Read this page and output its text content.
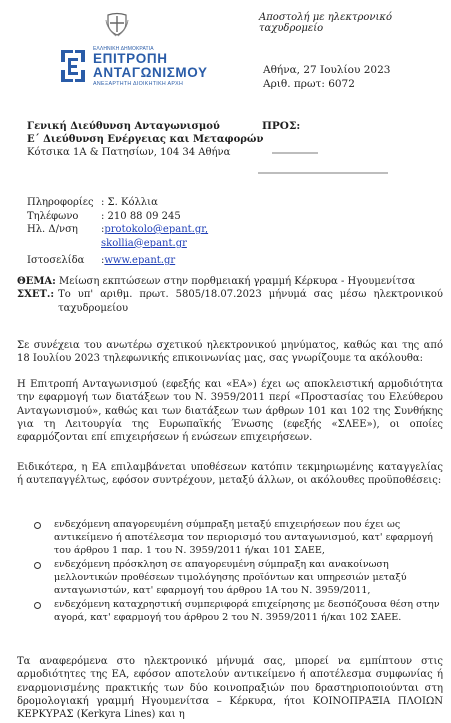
Αποστολή με ηλεκτρονικό ταχυδρομείο
ΕΛΛΗΝΙΚΗ ΔΗΜΟΚΡΑΤΙΑ
ΕΠΙΤΡΟΠΗ
ΑΝΤΑΓΩΝΙΣΜΟΥ
ΑΝΕΞΑΡΤΗΤΗ ΔΙΟΙΚΗΤΙΚΗ ΑΡΧΗ
Αθήνα, 27 Ιουλίου 2023
Αριθ. πρωτ: 6072
Γενική Διεύθυνση Ανταγωνισμού
Ε΄ Διεύθυνση Ενέργειας και Μεταφορών
Κότσικα 1Α & Πατησίων, 104 34 Αθήνα
ΠΡΟΣ:
Πληροφορίες : Σ. Κόλλια
Τηλέφωνο	: 210 88 09 245
Ηλ. Δ/νση	: protokolo@epant.gr,
skollia@epant.gr
Ιστοσελίδα	: www.epant.gr

ΘΕΜΑ: Μείωση εκπτώσεων στην πορθμειακή γραμμή Κέρκυρα - Ηγουμενίτσα

ΣΧΕΤ.: Το υπ' αριθμ. πρωτ. 5805/18.07.2023 μήνυμά σας μέσω ηλεκτρονικού ταχυδρομείου

Σε συνέχεια του ανωτέρω σχετικού ηλεκτρονικού μηνύματος, καθώς και της από 18 Ιουλίου 2023 τηλεφωνικής επικοινωνίας μας, σας γνωρίζουμε τα ακόλουθα:

Η Επιτροπή Ανταγωνισμού (εφεξής και «ΕΑ») έχει ως αποκλειστική αρμοδιότητα την εφαρμογή των διατάξεων του Ν. 3959/2011 περί «Προστασίας του Ελεύθερου Ανταγωνισμού», καθώς και των διατάξεων των άρθρων 101 και 102 της Συνθήκης για τη Λειτουργία της Ευρωπαϊκής Ένωσης (εφεξής «ΣΛΕΕ»), οι οποίες εφαρμόζονται επί επιχειρήσεων ή ενώσεων επιχειρήσεων.

Ειδικότερα, η ΕΑ επιλαμβάνεται υποθέσεων κατόπιν τεκμηριωμένης καταγγελίας ή αυτεπαγγέλτως, εφόσον συντρέχουν, μεταξύ άλλων, οι ακόλουθες προϋποθέσεις:

ενδεχόμενη απαγορευμένη σύμπραξη μεταξύ επιχειρήσεων που έχει ως αντικείμενο ή αποτέλεσμα τον περιορισμό του ανταγωνισμού, κατ' εφαρμογή του άρθρου 1 παρ. 1 του Ν. 3959/2011 ή/και 101 ΣΑΕΕ,
ενδεχόμενη πρόσκληση σε απαγορευμένη σύμπραξη και ανακοίνωση μελλοντικών προθέσεων τιμολόγησης προϊόντων και υπηρεσιών μεταξύ ανταγωνιστών, κατ' εφαρμογή του άρθρου 1Α του Ν. 3959/2011,
ενδεχόμενη καταχρηστική συμπεριφορά επιχείρησης με δεσπόζουσα θέση στην αγορά, κατ' εφαρμογή του άρθρου 2 του Ν. 3959/2011 ή/και 102 ΣΑΕΕ.

Τα αναφερόμενα στο ηλεκτρονικό μήνυμά σας, μπορεί να εμπίπτουν στις αρμοδιότητες της ΕΑ, εφόσον αποτελούν αντικείμενο ή αποτέλεσμα συμφωνίας ή εναρμονισμένης πρακτικής των δύο κοινοπραξιών που δραστηριοποιούνται στη δρομολογιακή γραμμή Ηγουμενίτσα – Κέρκυρα, ήτοι ΚΟΙΝΟΠΡΑΞΙΑ ΠΛΟΙΩΝ ΚΕΡΚΥΡΑΣ (Kerkyra Lines) και η
